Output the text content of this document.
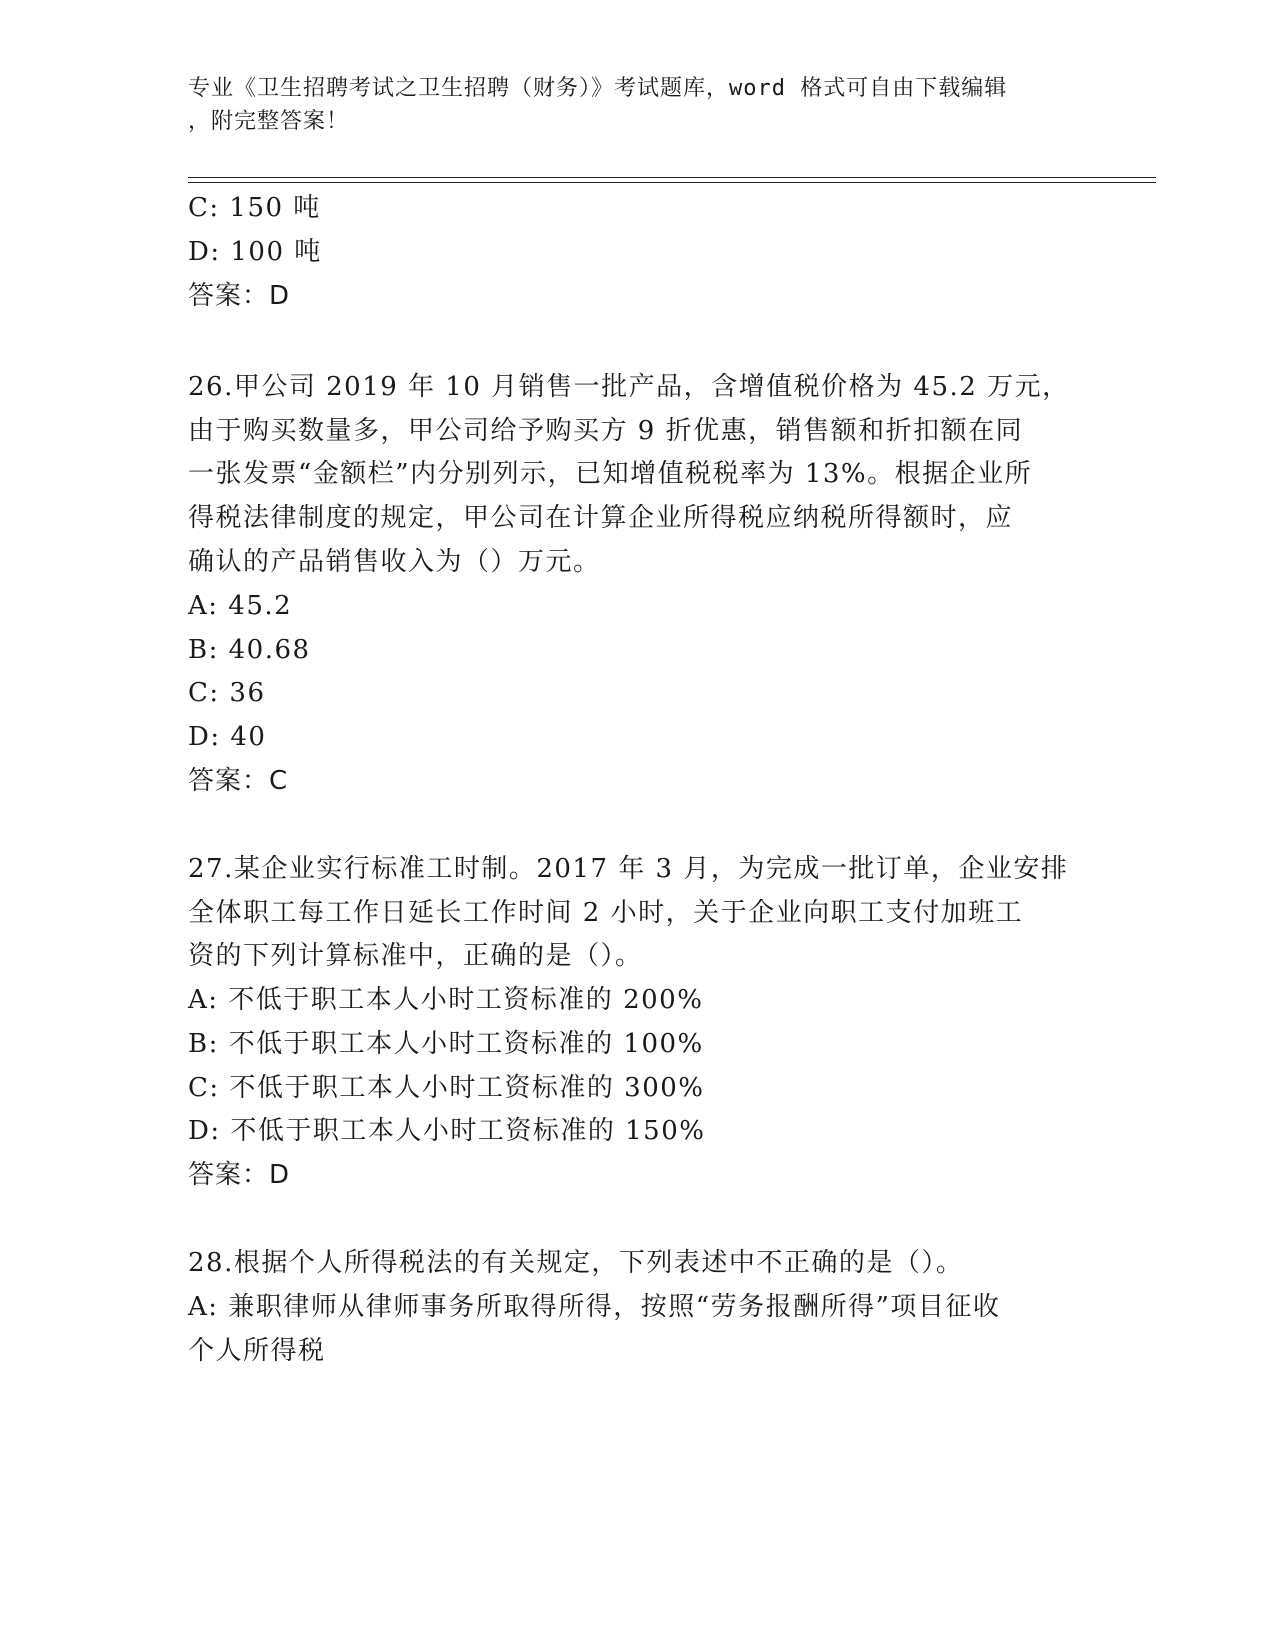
专业《卫生招聘考试之卫生招聘（财务）》考试题库，word 格式可自由下载编辑
，附完整答案！
C: 150 吨
D: 100 吨
答案：D
26.甲公司 2019 年 10 月销售一批产品，含增值税价格为 45.2 万元，
由于购买数量多，甲公司给予购买方 9 折优惠，销售额和折扣额在同
一张发票“金额栏”内分别列示，已知增值税税率为 13%。根据企业所
得税法律制度的规定，甲公司在计算企业所得税应纳税所得额时，应
确认的产品销售收入为（）万元。
A: 45.2
B: 40.68
C: 36
D: 40
答案：C
27.某企业实行标准工时制。2017 年 3 月，为完成一批订单，企业安排
全体职工每工作日延长工作时间 2 小时，关于企业向职工支付加班工
资的下列计算标准中，正确的是（）。
A: 不低于职工本人小时工资标准的 200%
B: 不低于职工本人小时工资标准的 100%
C: 不低于职工本人小时工资标准的 300%
D: 不低于职工本人小时工资标准的 150%
答案：D
28.根据个人所得税法的有关规定，下列表述中不正确的是（）。
A: 兼职律师从律师事务所取得所得，按照“劳务报酬所得”项目征收
个人所得税
